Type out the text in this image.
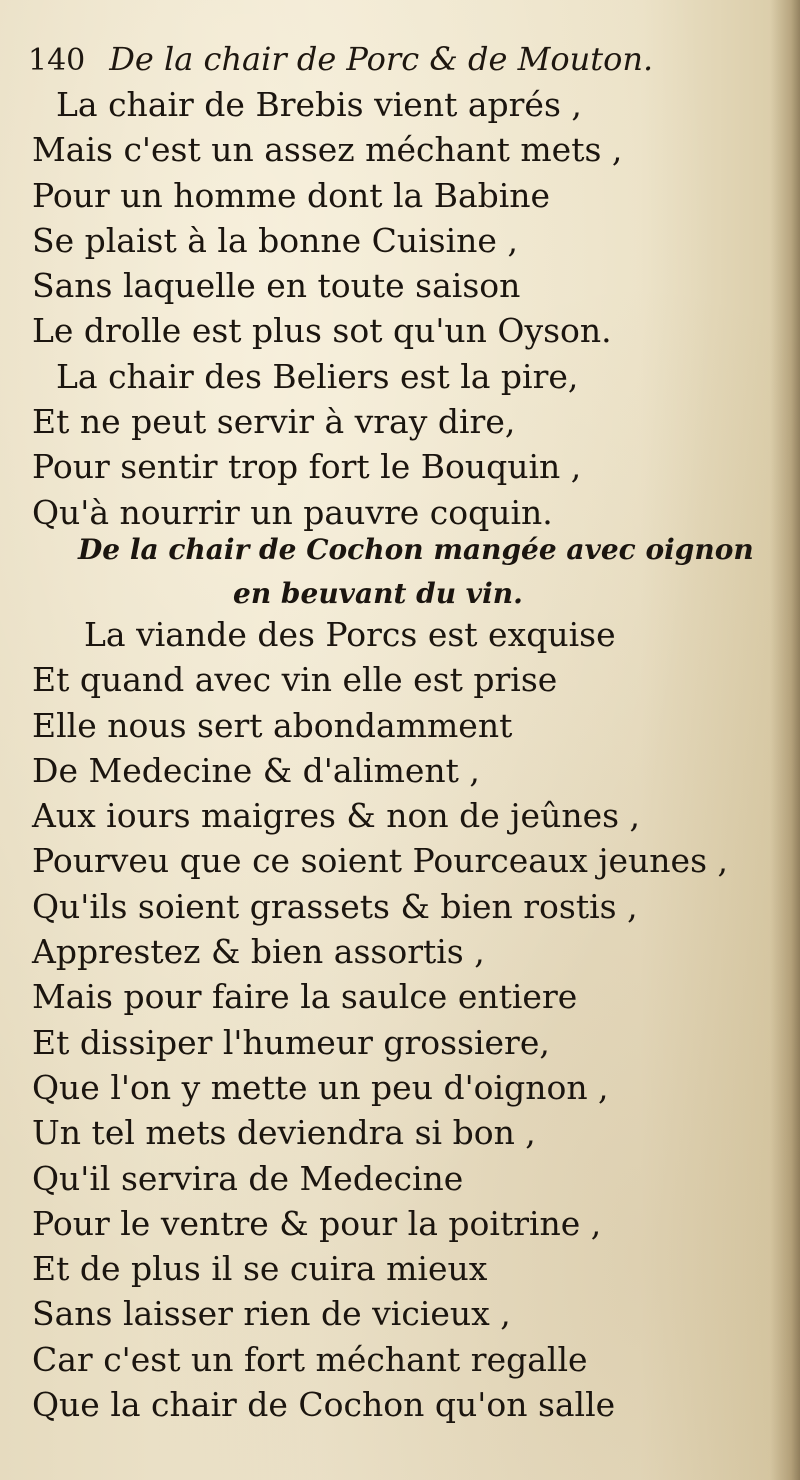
140 De la chair de Porc & de Mouton.
La chair de Brebis vient aprés ,
Mais c'est un assez méchant mets ,
Pour un homme dont la Babine
Se plaist à la bonne Cuisine ,
Sans laquelle en toute saison
Le drolle est plus sot qu'un Oyson.
La chair des Beliers est la pire,
Et ne peut servir à vray dire,
Pour sentir trop fort le Bouquin ,
Qu'à nourrir un pauvre coquin.
De la chair de Cochon mangée avec oignon
en beuvant du vin.
La viande des Porcs est exquise
Et quand avec vin elle est prise
Elle nous sert abondamment
De Medecine & d'aliment ,
Aux iours maigres & non de jeûnes ,
Pourveu que ce soient Pourceaux jeunes ,
Qu'ils soient grassets & bien rostis ,
Apprestez & bien assortis ,
Mais pour faire la saulce entiere
Et dissiper l'humeur grossiere,
Que l'on y mette un peu d'oignon ,
Un tel mets deviendra si bon ,
Qu'il servira de Medecine
Pour le ventre & pour la poitrine ,
Et de plus il se cuira mieux
Sans laisser rien de vicieux ,
Car c'est un fort méchant regalle
Que la chair de Cochon qu'on salle
